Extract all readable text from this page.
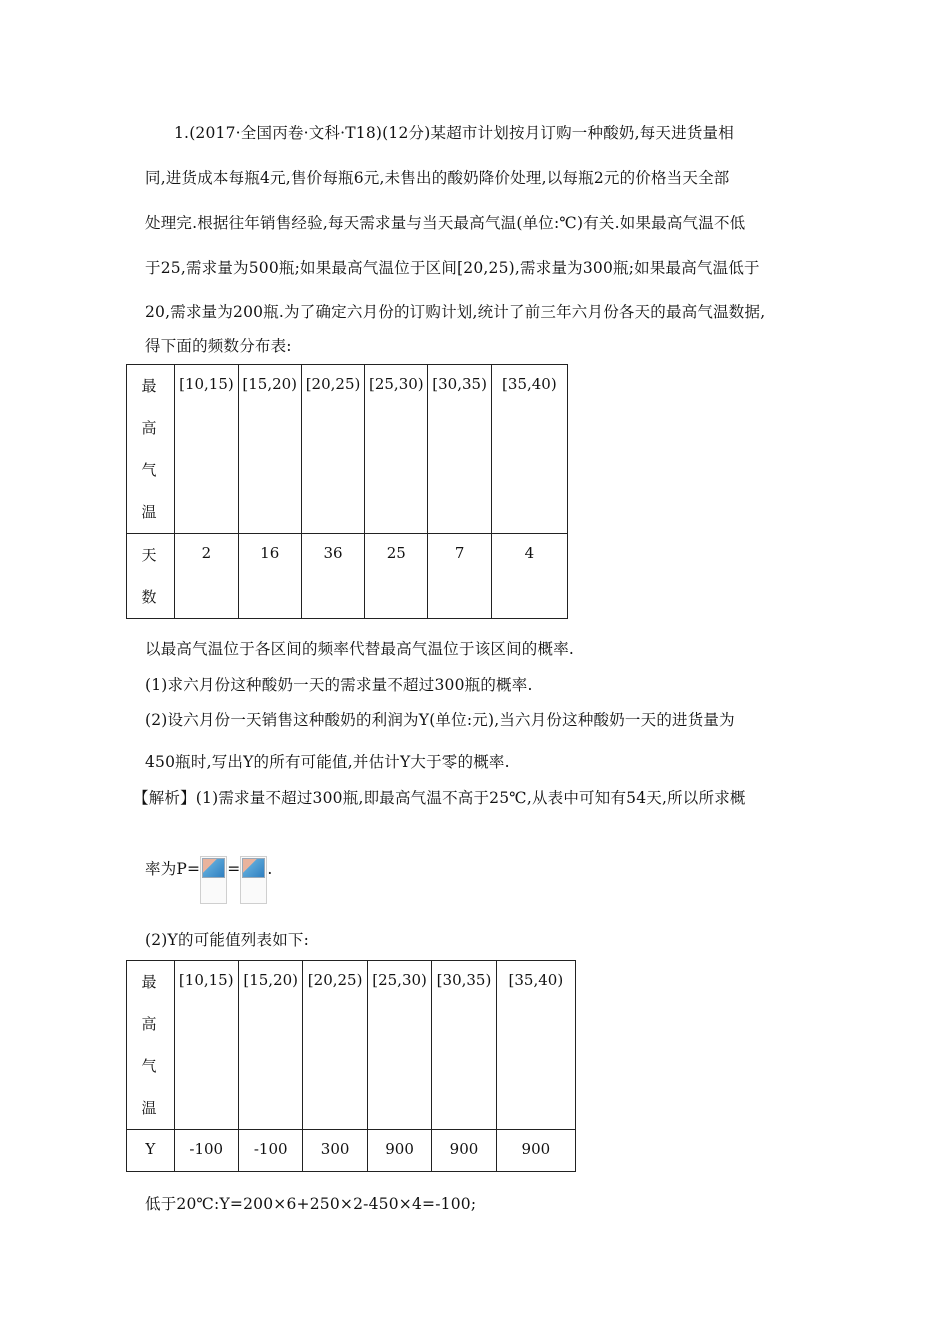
1.(2017·全国丙卷·文科·T18)(12分)某超市计划按月订购一种酸奶,每天进货量相
同,进货成本每瓶4元,售价每瓶6元,未售出的酸奶降价处理,以每瓶2元的价格当天全部
处理完.根据往年销售经验,每天需求量与当天最高气温(单位:℃)有关.如果最高气温不低
于25,需求量为500瓶;如果最高气温位于区间[20,25),需求量为300瓶;如果最高气温低于
20,需求量为200瓶.为了确定六月份的订购计划,统计了前三年六月份各天的最高气温数据,
得下面的频数分布表:
最
高
气
温	[10,15)	[15,20)	[20,25)	[25,30)	[30,35)	[35,40)

天
数	2	16	36	25	7	4
以最高气温位于各区间的频率代替最高气温位于该区间的概率.
(1)求六月份这种酸奶一天的需求量不超过300瓶的概率.
(2)设六月份一天销售这种酸奶的利润为Y(单位:元),当六月份这种酸奶一天的进货量为
450瓶时,写出Y的所有可能值,并估计Y大于零的概率.
【解析】(1)需求量不超过300瓶,即最高气温不高于25℃,从表中可知有54天,所以所求概
率为P= = .
(2)Y的可能值列表如下:
最
高
气
温	[10,15)	[15,20)	[20,25)	[25,30)	[30,35)	[35,40)

Y	-100	-100	300	900	900	900
低于20℃:Y=200×6+250×2-450×4=-100;
